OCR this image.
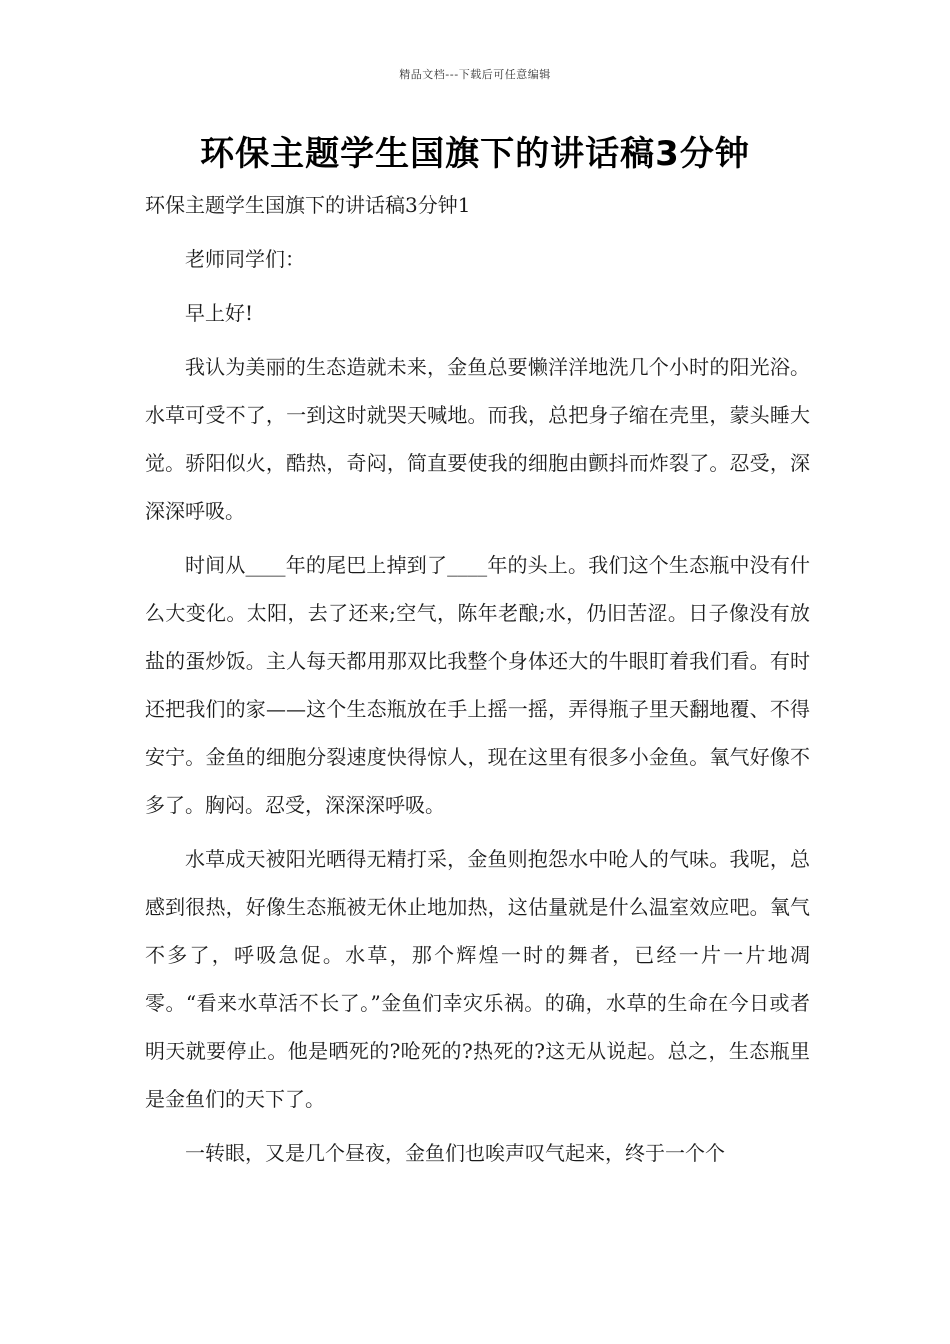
精品文档---下载后可任意编辑
环保主题学生国旗下的讲话稿3分钟

环保主题学生国旗下的讲话稿3分钟1

老师同学们：

早上好!

我认为美丽的生态造就未来，金鱼总要懒洋洋地洗几个小时的阳光浴。水草可受不了，一到这时就哭天喊地。而我，总把身子缩在壳里，蒙头睡大觉。骄阳似火，酷热，奇闷，简直要使我的细胞由颤抖而炸裂了。忍受，深深深呼吸。

时间从____年的尾巴上掉到了____年的头上。我们这个生态瓶中没有什么大变化。太阳，去了还来;空气，陈年老酿;水，仍旧苦涩。日子像没有放盐的蛋炒饭。主人每天都用那双比我整个身体还大的牛眼盯着我们看。有时还把我们的家——这个生态瓶放在手上摇一摇，弄得瓶子里天翻地覆、不得安宁。金鱼的细胞分裂速度快得惊人，现在这里有很多小金鱼。氧气好像不多了。胸闷。忍受，深深深呼吸。

水草成天被阳光晒得无精打采，金鱼则抱怨水中呛人的气味。我呢，总感到很热，好像生态瓶被无休止地加热，这估量就是什么温室效应吧。氧气不多了，呼吸急促。水草，那个辉煌一时的舞者，已经一片一片地凋零。“看来水草活不长了。”金鱼们幸灾乐祸。的确，水草的生命在今日或者明天就要停止。他是晒死的?呛死的?热死的?这无从说起。总之，生态瓶里是金鱼们的天下了。

一转眼，又是几个昼夜，金鱼们也唉声叹气起来，终于一个个
